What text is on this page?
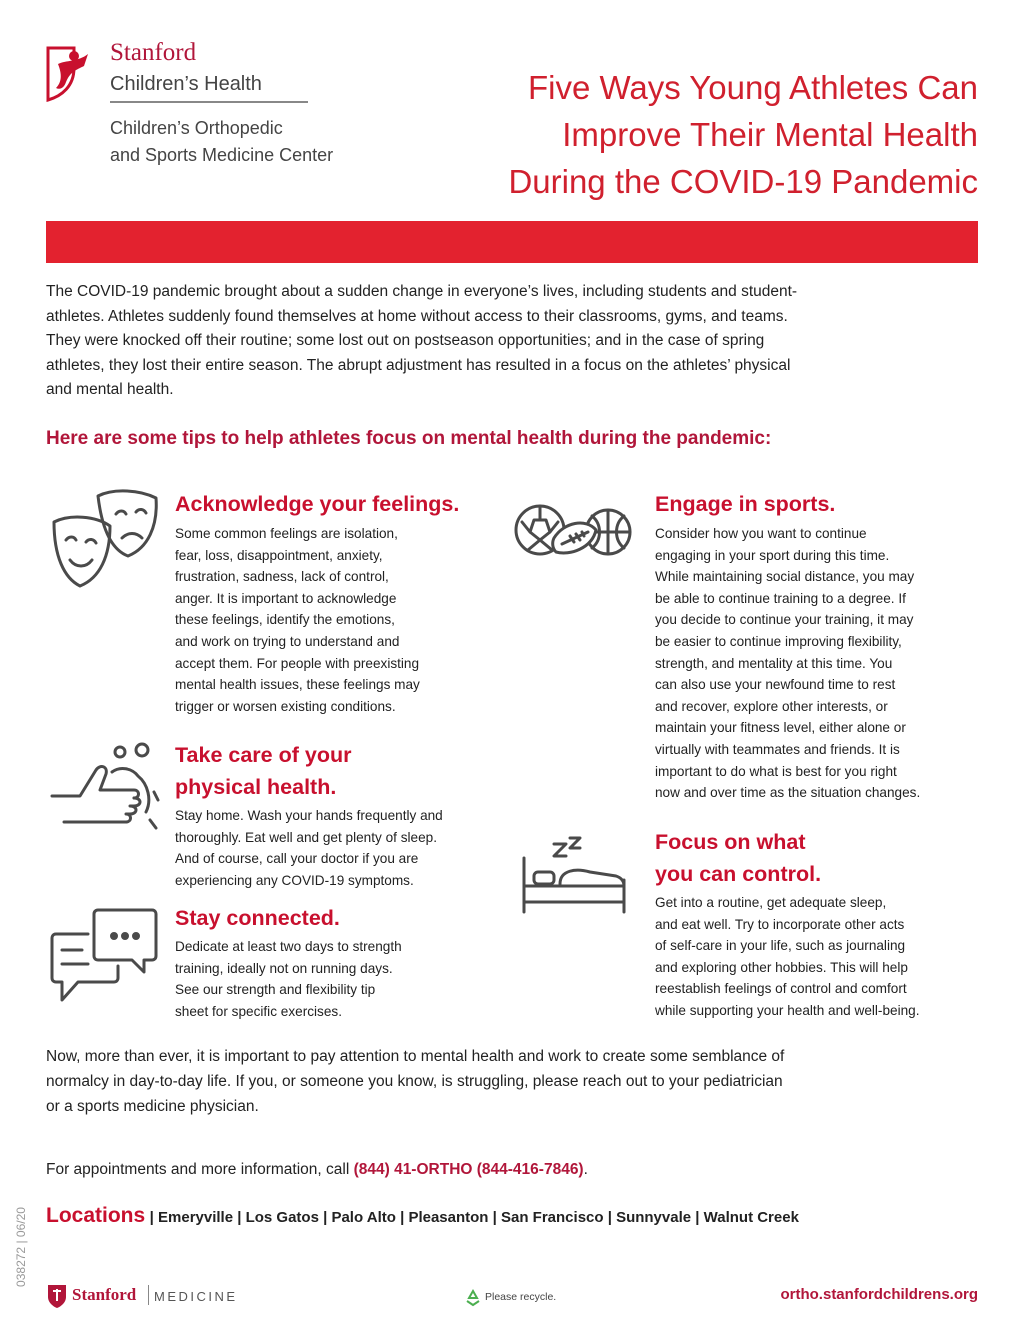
Stanford
Children’s Health
Children’s Orthopedic
and Sports Medicine Center
Five Ways Young Athletes Can
Improve Their Mental Health
During the COVID-19 Pandemic
The COVID-19 pandemic brought about a sudden change in everyone’s lives, including students and student-
athletes. Athletes suddenly found themselves at home without access to their classrooms, gyms, and teams.
They were knocked off their routine; some lost out on postseason opportunities; and in the case of spring
athletes, they lost their entire season. The abrupt adjustment has resulted in a focus on the athletes’ physical
and mental health.
Here are some tips to help athletes focus on mental health during the pandemic:
Acknowledge your feelings.
Some common feelings are isolation,
fear, loss, disappointment, anxiety,
frustration, sadness, lack of control,
anger. It is important to acknowledge
these feelings, identify the emotions,
and work on trying to understand and
accept them. For people with preexisting
mental health issues, these feelings may
trigger or worsen existing conditions.
Take care of your
physical health.
Stay home. Wash your hands frequently and
thoroughly. Eat well and get plenty of sleep.
And of course, call your doctor if you are
experiencing any COVID-19 symptoms.
Stay connected.
Dedicate at least two days to strength
training, ideally not on running days.
See our strength and flexibility tip
sheet for specific exercises.
Engage in sports.
Consider how you want to continue
engaging in your sport during this time.
While maintaining social distance, you may
be able to continue training to a degree. If
you decide to continue your training, it may
be easier to continue improving flexibility,
strength, and mentality at this time. You
can also use your newfound time to rest
and recover, explore other interests, or
maintain your fitness level, either alone or
virtually with teammates and friends. It is
important to do what is best for you right
now and over time as the situation changes.
Focus on what
you can control.
Get into a routine, get adequate sleep,
and eat well. Try to incorporate other acts
of self-care in your life, such as journaling
and exploring other hobbies. This will help
reestablish feelings of control and comfort
while supporting your health and well-being.
Now, more than ever, it is important to pay attention to mental health and work to create some semblance of
normalcy in day-to-day life. If you, or someone you know, is struggling, please reach out to your pediatrician
or a sports medicine physician.
For appointments and more information, call (844) 41-ORTHO (844-416-7846).
Locations | Emeryville | Los Gatos | Palo Alto | Pleasanton | San Francisco | Sunnyvale | Walnut Creek
038272 | 06/20
Stanford MEDICINE	Please recycle.	ortho.stanfordchildrens.org
